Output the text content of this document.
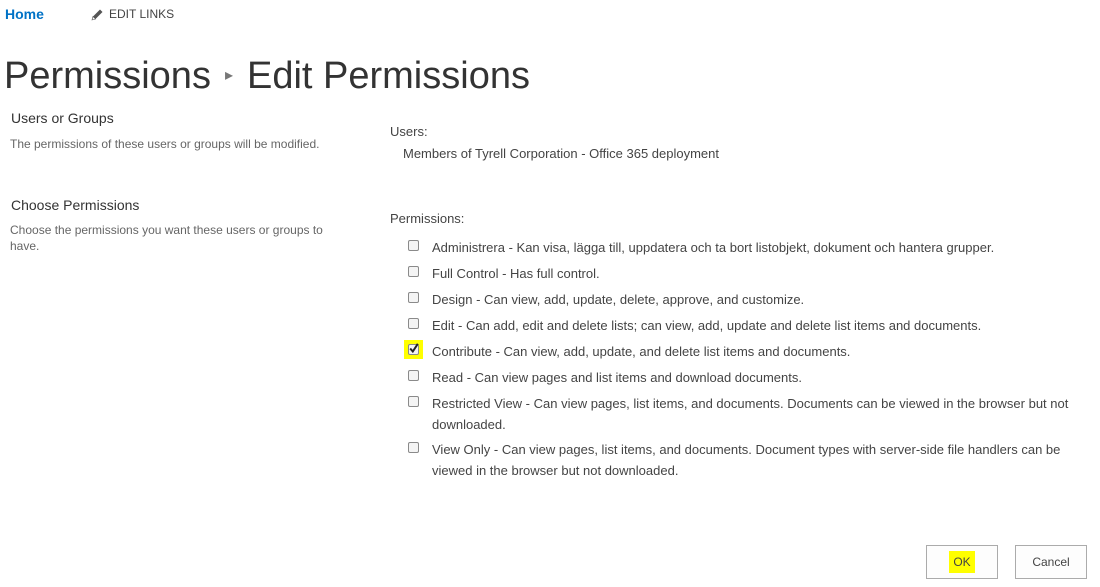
Home	EDIT LINKS
Permissions ▸ Edit Permissions
Users or Groups
The permissions of these users or groups will be modified.
Choose Permissions
Choose the permissions you want these users or groups to have.
Users:
Members of Tyrell Corporation - Office 365 deployment
Permissions:
Administrera - Kan visa, lägga till, uppdatera och ta bort listobjekt, dokument och hantera grupper.
Full Control - Has full control.
Design - Can view, add, update, delete, approve, and customize.
Edit - Can add, edit and delete lists; can view, add, update and delete list items and documents.
Contribute - Can view, add, update, and delete list items and documents.
Read - Can view pages and list items and download documents.
Restricted View - Can view pages, list items, and documents. Documents can be viewed in the browser but not downloaded.
View Only - Can view pages, list items, and documents. Document types with server-side file handlers can be viewed in the browser but not downloaded.
OK	Cancel
